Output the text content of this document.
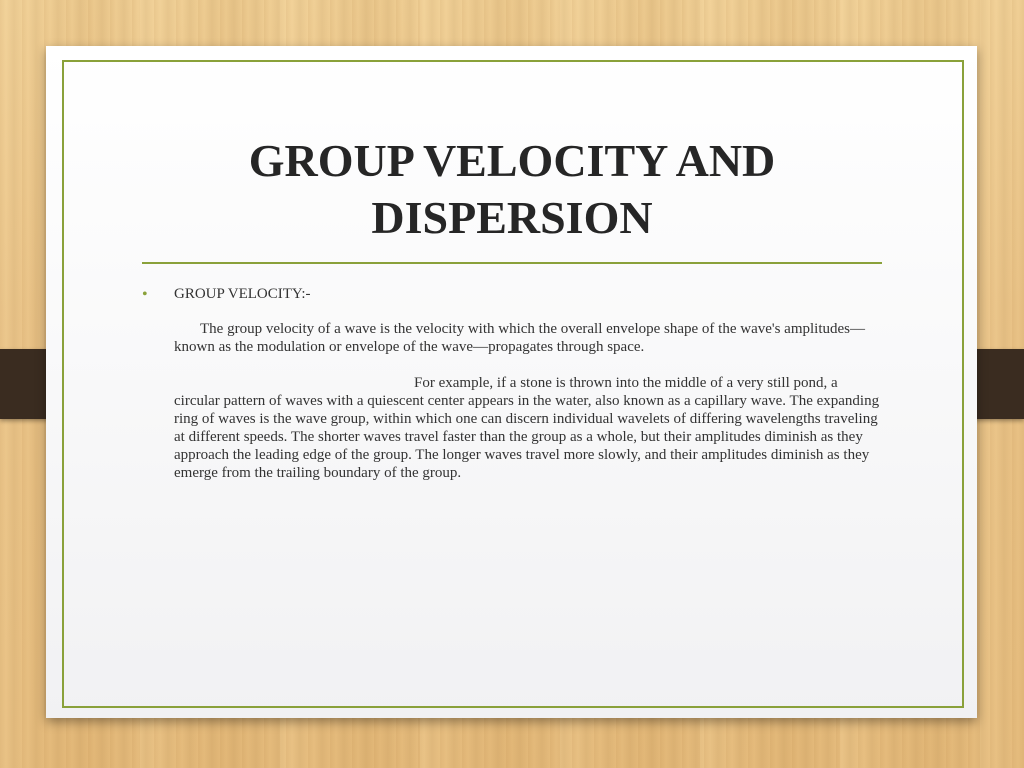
GROUP VELOCITY AND
DISPERSION
• GROUP VELOCITY:-
The group velocity of a wave is the velocity with which the overall envelope shape of the wave's amplitudes—known as the modulation or envelope of the wave—propagates through space.
For example, if a stone is thrown into the middle of a very still pond, a circular pattern of waves with a quiescent center appears in the water, also known as a capillary wave. The expanding ring of waves is the wave group, within which one can discern individual wavelets of differing wavelengths traveling at different speeds. The shorter waves travel faster than the group as a whole, but their amplitudes diminish as they approach the leading edge of the group. The longer waves travel more slowly, and their amplitudes diminish as they emerge from the trailing boundary of the group.
